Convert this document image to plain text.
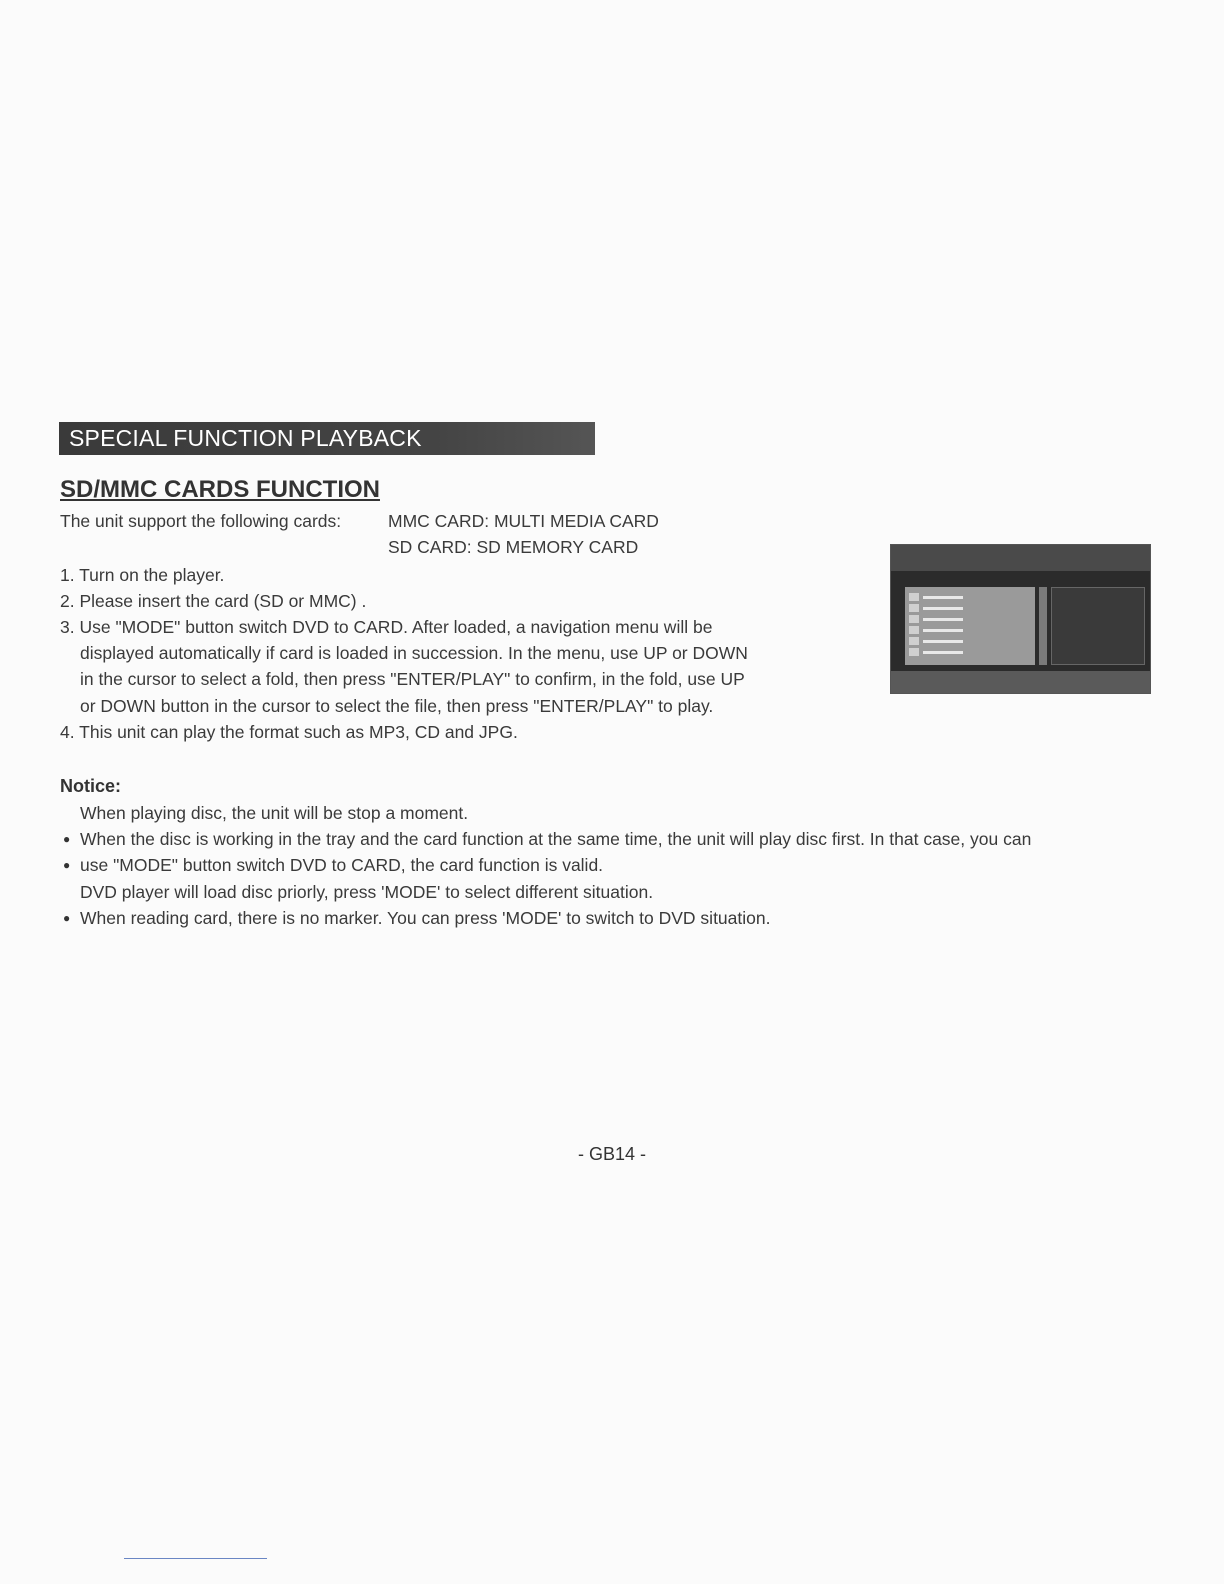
SPECIAL FUNCTION PLAYBACK
SD/MMC CARDS FUNCTION
The unit support the following cards:	MMC CARD: MULTI MEDIA CARD
SD CARD: SD MEMORY CARD
1. Turn on the player.
2. Please insert the card (SD or MMC) .
3. Use "MODE" button switch DVD to CARD. After loaded, a navigation menu will be
displayed automatically if card is loaded in succession. In the menu, use UP or DOWN
in the cursor to select a fold, then press "ENTER/PLAY" to confirm, in the fold, use UP
or DOWN button in the cursor to select the file, then press "ENTER/PLAY" to play.
4. This unit can play the format such as MP3, CD and JPG.
Notice:
When playing disc, the unit will be stop a moment.
● When the disc is working in the tray and the card function at the same time, the unit will play disc first. In that case, you can
● use "MODE" button switch DVD to CARD, the card function is valid.
DVD player will load disc priorly, press 'MODE' to select different situation.
● When reading card, there is no marker. You can press 'MODE' to switch to DVD situation.
- GB14 -
